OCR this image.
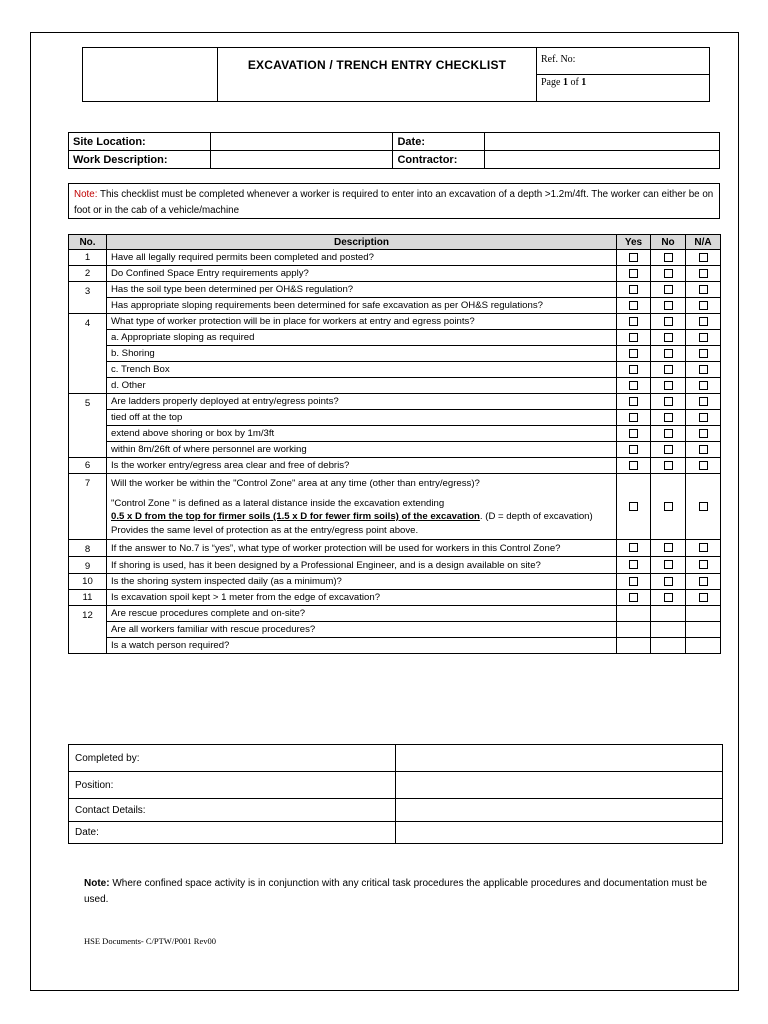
	EXCAVATION / TRENCH ENTRY CHECKLIST	Ref. No:
Page 1 of 1
Site Location:		Date:	
Work Description:		Contractor:	
Note: This checklist must be completed whenever a worker is required to enter into an excavation of a depth >1.2m/4ft. The worker can either be on foot or in the cab of a vehicle/machine
No.	Description	Yes	No	N/A
1	Have all legally required permits been completed and posted?			
2	Do Confined Space Entry requirements apply?			
3	Has the soil type been determined per OH&S regulation?			
	Has appropriate sloping requirements been determined for safe excavation as per OH&S regulations?			
4	What type of worker protection will be in place for workers at entry and egress points?			
	a. Appropriate sloping as required			
	b. Shoring			
	c. Trench Box			
	d. Other			
5	Are ladders properly deployed at entry/egress points?			
	tied off at the top			
	extend above shoring or box by 1m/3ft			
	within 8m/26ft of where personnel are working			
6	Is the worker entry/egress area clear and free of debris?			
7	Will the worker be within the "Control Zone" area at any time (other than entry/egress)?
"Control Zone " is defined as a lateral distance inside the excavation extending
0.5 x D from the top for firmer soils (1.5 x D for fewer firm soils) of the excavation. (D = depth of excavation) Provides the same level of protection as at the entry/egress point above.			

8	If the answer to No.7 is “yes”, what type of worker protection will be used for workers in this Control Zone?			
9	If shoring is used, has it been designed by a Professional Engineer, and is a design available on site?			
10	Is the shoring system inspected daily (as a minimum)?			
11	Is excavation spoil kept > 1 meter from the edge of excavation?			
12	Are rescue procedures complete and on-site?			
	Are all workers familiar with rescue procedures?			
	Is a watch person required?			
Completed by:	
Position:	
Contact Details:	
Date:	
Note: Where confined space activity is in conjunction with any critical task procedures the applicable procedures and documentation must be used.
HSE Documents- C/PTW/P001 Rev00
